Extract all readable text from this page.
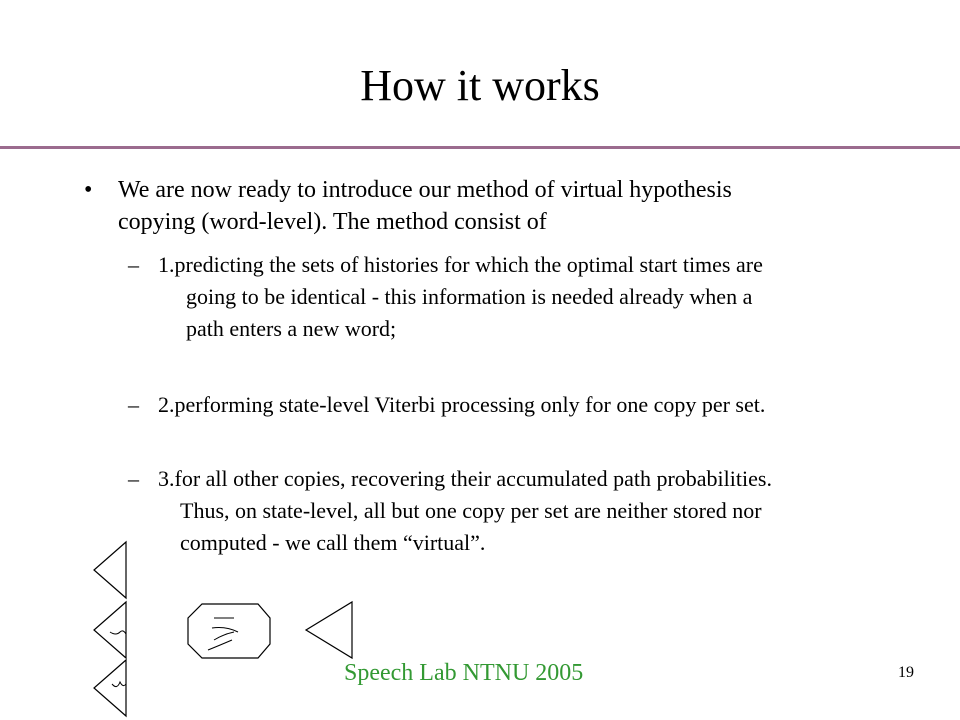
How it works
• We are now ready to introduce our method of virtual hypothesis
copying (word-level). The method consist of
– 1.predicting the sets of histories for which the optimal start times are
going to be identical - this information is needed already when a
path enters a new word;
– 2.performing state-level Viterbi processing only for one copy per set.
– 3.for all other copies, recovering their accumulated path probabilities.
Thus, on state-level, all but one copy per set are neither stored nor
computed - we call them “virtual”.
Speech Lab NTNU 2005	19
